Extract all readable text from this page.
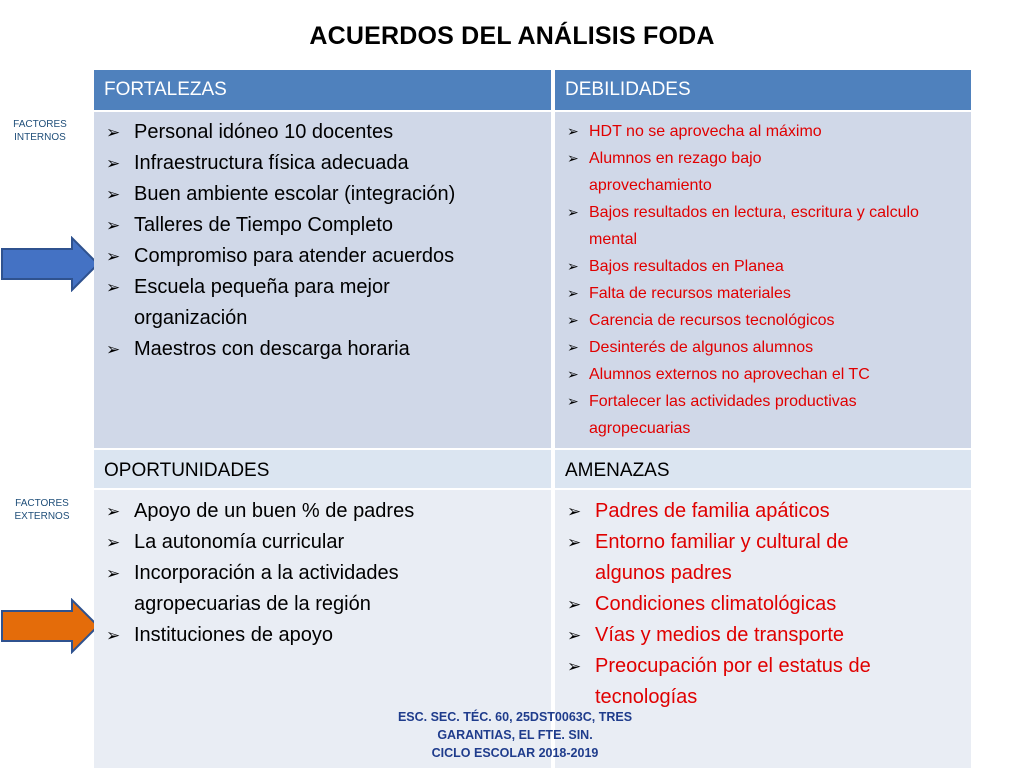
ACUERDOS DEL ANÁLISIS FODA
FACTORES
INTERNOS
FACTORES
EXTERNOS
FORTALEZAS	DEBILIDADES
➢ Personal idóneo 10 docentes
➢ Infraestructura física adecuada
➢ Buen ambiente escolar (integración)
➢ Talleres de Tiempo Completo
➢ Compromiso para atender acuerdos
➢ Escuela pequeña para mejor organización
➢ Maestros con descarga horaria
➢ HDT no se aprovecha al máximo
➢ Alumnos en rezago bajo aprovechamiento
➢ Bajos resultados en lectura, escritura y calculo mental
➢ Bajos resultados en Planea
➢ Falta de recursos materiales
➢ Carencia de recursos tecnológicos
➢ Desinterés de algunos alumnos
➢ Alumnos externos no aprovechan el TC
➢ Fortalecer las actividades productivas agropecuarias
OPORTUNIDADES	AMENAZAS
➢ Apoyo de un buen % de padres
➢ La autonomía curricular
➢ Incorporación a la actividades agropecuarias de la región
➢ Instituciones de apoyo
➢ Padres de familia apáticos
➢ Entorno familiar y cultural de algunos padres
➢ Condiciones climatológicas
➢ Vías y medios de transporte
➢ Preocupación por el estatus de tecnologías
ESC. SEC. TÉC. 60, 25DST0063C, TRES
GARANTIAS, EL FTE. SIN.
CICLO ESCOLAR 2018-2019
